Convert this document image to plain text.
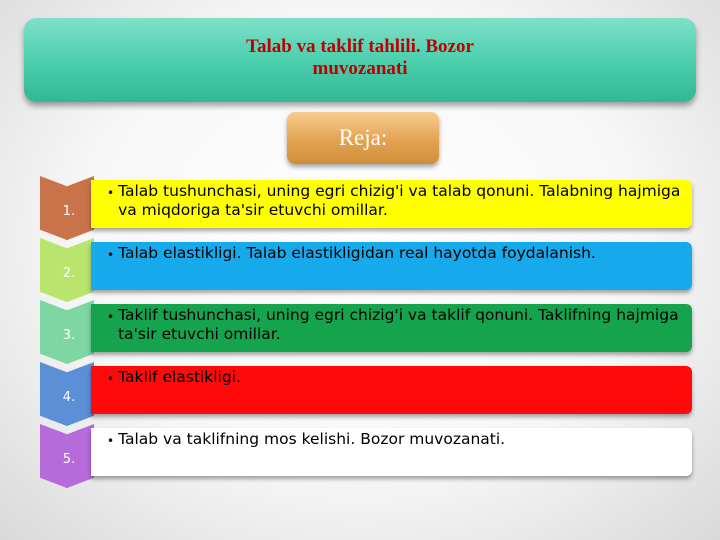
Talab va taklif tahlili. Bozor muvozanati
Reja:
1.
• Talab tushunchasi, uning egri chizig'i va talab qonuni. Talabning hajmiga va miqdoriga ta'sir etuvchi omillar.
2.
• Talab elastikligi. Talab elastikligidan real hayotda foydalanish.
3.
• Taklif tushunchasi, uning egri chizig'i va taklif qonuni. Taklifning hajmiga ta'sir etuvchi omillar.
4.
• Taklif elastikligi.
5.
• Talab va taklifning mos kelishi. Bozor muvozanati.
